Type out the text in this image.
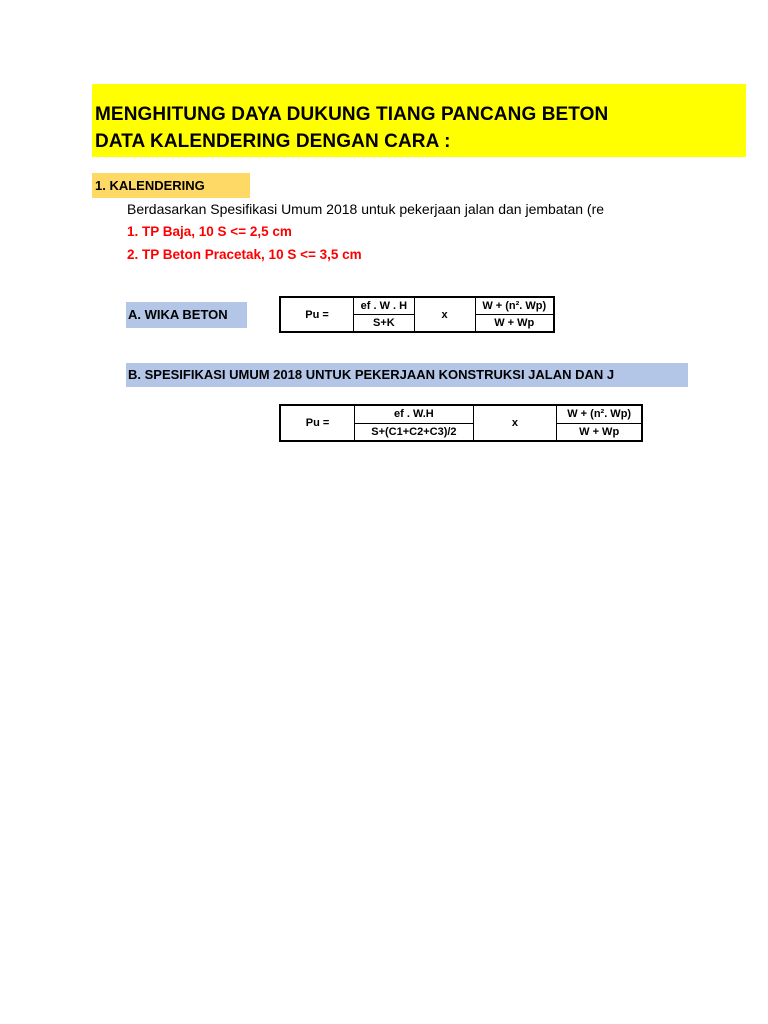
MENGHITUNG DAYA DUKUNG TIANG PANCANG BETON
DATA KALENDERING DENGAN CARA :
1. KALENDERING
Berdasarkan Spesifikasi Umum 2018 untuk pekerjaan jalan dan jembatan (re
1. TP Baja, 10 S <= 2,5 cm
2. TP Beton Pracetak, 10 S <= 3,5 cm
A. WIKA BETON	Pu =	ef . W . H	x	W + (n². Wp)
	S+K		W + Wp
B. SPESIFIKASI UMUM 2018 UNTUK PEKERJAAN KONSTRUKSI JALAN DAN J
Pu =	ef . W.H	x	W + (n². Wp)
	S+(C1+C2+C3)/2		W + Wp
